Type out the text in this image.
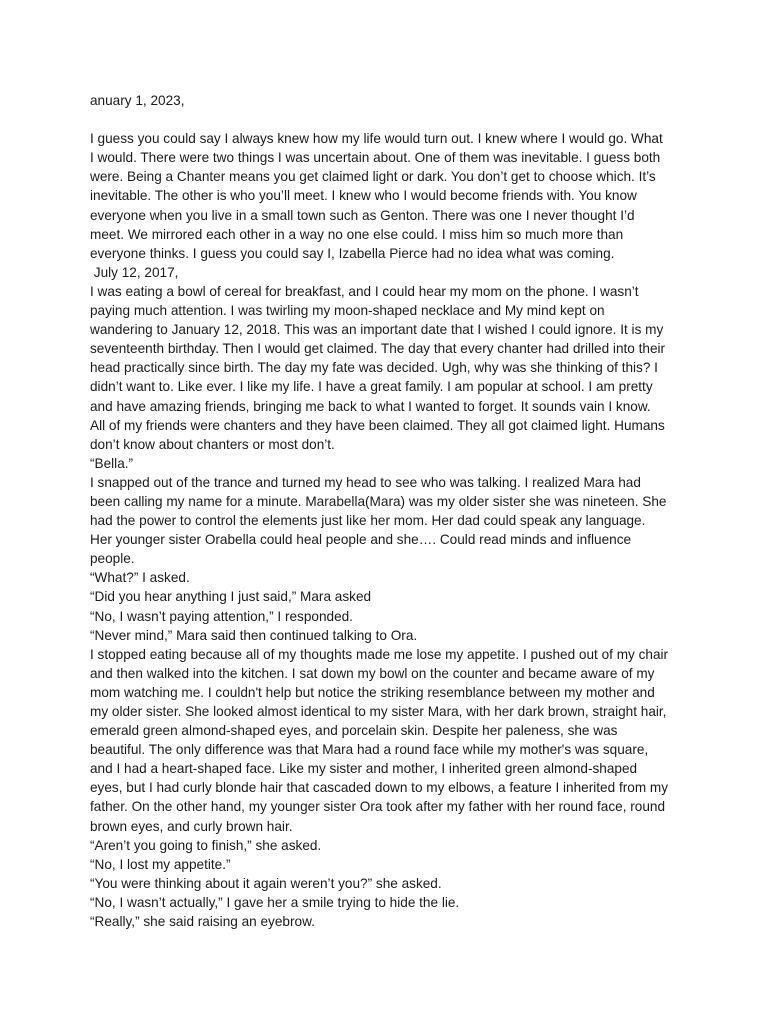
anuary 1, 2023,
I guess you could say I always knew how my life would turn out. I knew where I would go. What
I would. There were two things I was uncertain about. One of them was inevitable. I guess both
were. Being a Chanter means you get claimed light or dark. You don’t get to choose which. It’s
inevitable. The other is who you’ll meet. I knew who I would become friends with. You know
everyone when you live in a small town such as Genton. There was one I never thought I’d
meet. We mirrored each other in a way no one else could. I miss him so much more than
everyone thinks. I guess you could say I, Izabella Pierce had no idea what was coming.
July 12, 2017,
I was eating a bowl of cereal for breakfast, and I could hear my mom on the phone. I wasn’t
paying much attention. I was twirling my moon-shaped necklace and My mind kept on
wandering to January 12, 2018. This was an important date that I wished I could ignore. It is my
seventeenth birthday. Then I would get claimed. The day that every chanter had drilled into their
head practically since birth. The day my fate was decided. Ugh, why was she thinking of this? I
didn’t want to. Like ever. I like my life. I have a great family. I am popular at school. I am pretty
and have amazing friends, bringing me back to what I wanted to forget. It sounds vain I know.
All of my friends were chanters and they have been claimed. They all got claimed light. Humans
don’t know about chanters or most don’t.
“Bella.”
I snapped out of the trance and turned my head to see who was talking. I realized Mara had
been calling my name for a minute. Marabella(Mara) was my older sister she was nineteen. She
had the power to control the elements just like her mom. Her dad could speak any language.
Her younger sister Orabella could heal people and she…. Could read minds and influence
people.
“What?” I asked.
“Did you hear anything I just said,” Mara asked
“No, I wasn’t paying attention,” I responded.
“Never mind,” Mara said then continued talking to Ora.
I stopped eating because all of my thoughts made me lose my appetite. I pushed out of my chair
and then walked into the kitchen. I sat down my bowl on the counter and became aware of my
mom watching me. I couldn't help but notice the striking resemblance between my mother and
my older sister. She looked almost identical to my sister Mara, with her dark brown, straight hair,
emerald green almond-shaped eyes, and porcelain skin. Despite her paleness, she was
beautiful. The only difference was that Mara had a round face while my mother's was square,
and I had a heart-shaped face. Like my sister and mother, I inherited green almond-shaped
eyes, but I had curly blonde hair that cascaded down to my elbows, a feature I inherited from my
father. On the other hand, my younger sister Ora took after my father with her round face, round
brown eyes, and curly brown hair.
“Aren’t you going to finish,” she asked.
“No, I lost my appetite.”
“You were thinking about it again weren’t you?” she asked.
“No, I wasn’t actually,” I gave her a smile trying to hide the lie.
“Really,” she said raising an eyebrow.
